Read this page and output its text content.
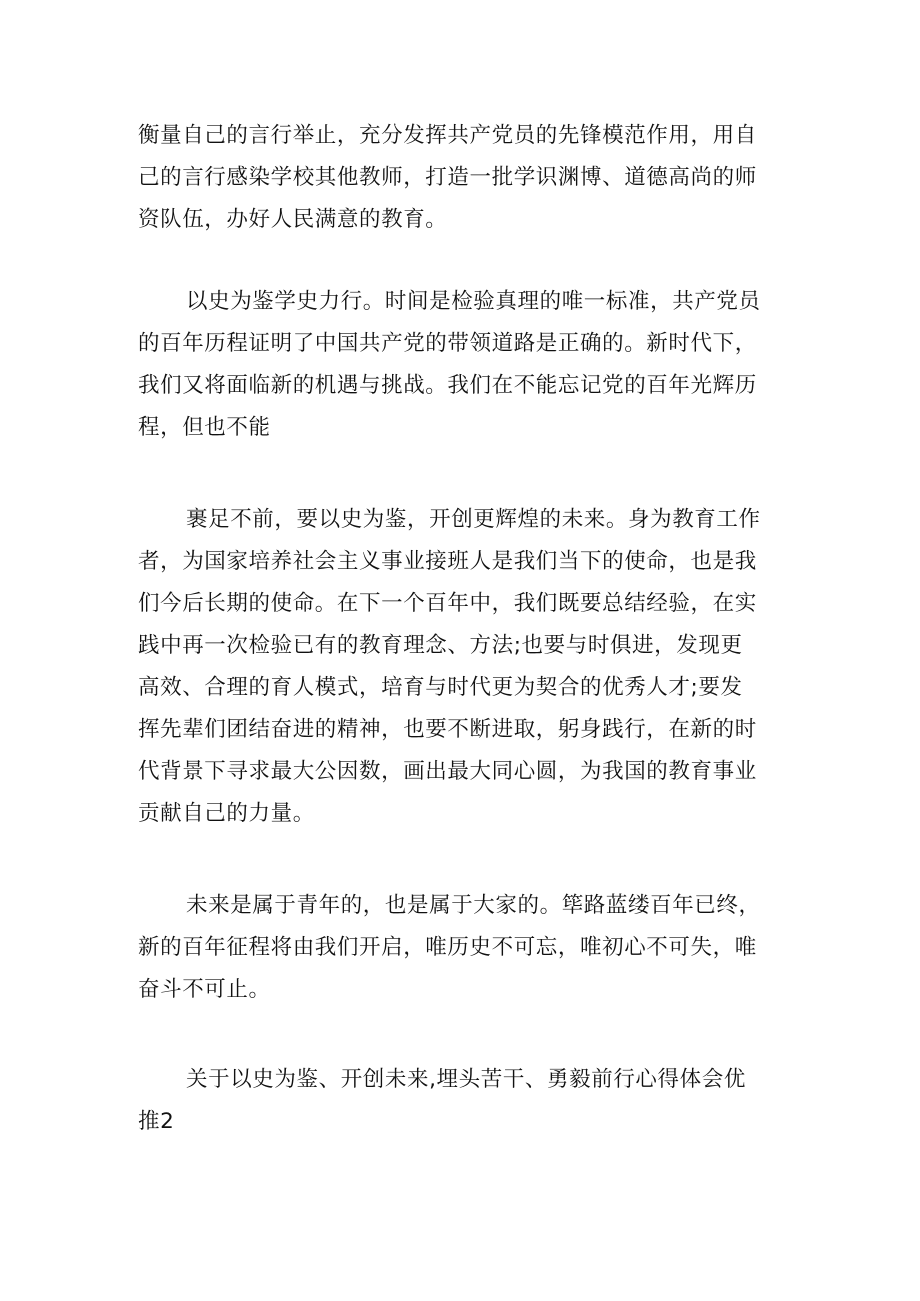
衡量自己的言行举止，充分发挥共产党员的先锋模范作用，用自
己的言行感染学校其他教师，打造一批学识渊博、道德高尚的师
资队伍，办好人民满意的教育。

以史为鉴学史力行。时间是检验真理的唯一标准，共产党员
的百年历程证明了中国共产党的带领道路是正确的。新时代下，
我们又将面临新的机遇与挑战。我们在不能忘记党的百年光辉历
程，但也不能

裹足不前，要以史为鉴，开创更辉煌的未来。身为教育工作
者，为国家培养社会主义事业接班人是我们当下的使命，也是我
们今后长期的使命。在下一个百年中，我们既要总结经验，在实
践中再一次检验已有的教育理念、方法;也要与时俱进，发现更
高效、合理的育人模式，培育与时代更为契合的优秀人才;要发
挥先辈们团结奋进的精神，也要不断进取，躬身践行，在新的时
代背景下寻求最大公因数，画出最大同心圆，为我国的教育事业
贡献自己的力量。

未来是属于青年的，也是属于大家的。筚路蓝缕百年已终，
新的百年征程将由我们开启，唯历史不可忘，唯初心不可失，唯
奋斗不可止。

关于以史为鉴、开创未来,埋头苦干、勇毅前行心得体会优
推2
